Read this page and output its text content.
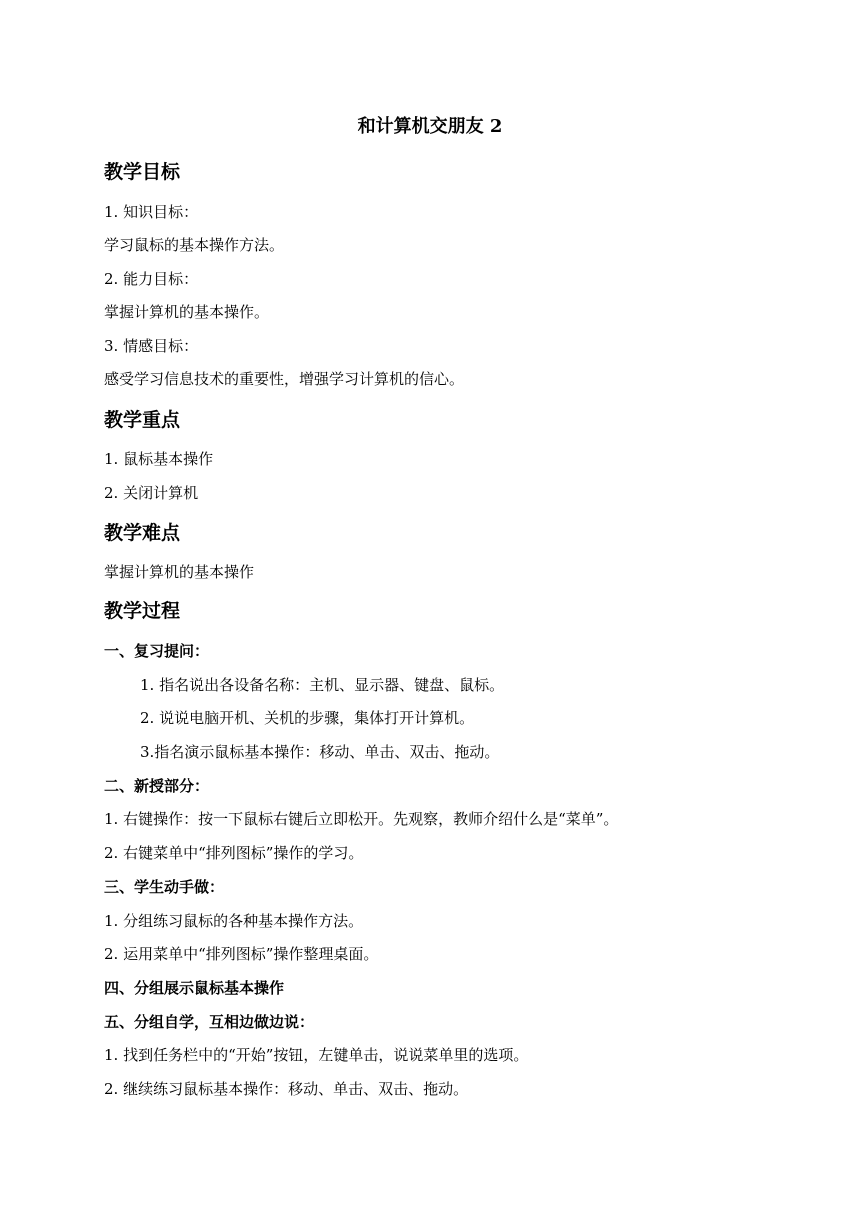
和计算机交朋友 2
教学目标
1. 知识目标：
学习鼠标的基本操作方法。
2. 能力目标：
掌握计算机的基本操作。
3. 情感目标：
感受学习信息技术的重要性，增强学习计算机的信心。
教学重点
1. 鼠标基本操作
2. 关闭计算机
教学难点
掌握计算机的基本操作
教学过程
一、复习提问：
1. 指名说出各设备名称：主机、显示器、键盘、鼠标。
2. 说说电脑开机、关机的步骤，集体打开计算机。
3.指名演示鼠标基本操作：移动、单击、双击、拖动。
二、新授部分：
1. 右键操作：按一下鼠标右键后立即松开。先观察，教师介绍什么是“菜单”。
2. 右键菜单中“排列图标”操作的学习。
三、学生动手做：
1. 分组练习鼠标的各种基本操作方法。
2. 运用菜单中“排列图标”操作整理桌面。
四、分组展示鼠标基本操作
五、分组自学，互相边做边说：
1. 找到任务栏中的“开始”按钮，左键单击，说说菜单里的选项。
2. 继续练习鼠标基本操作：移动、单击、双击、拖动。
